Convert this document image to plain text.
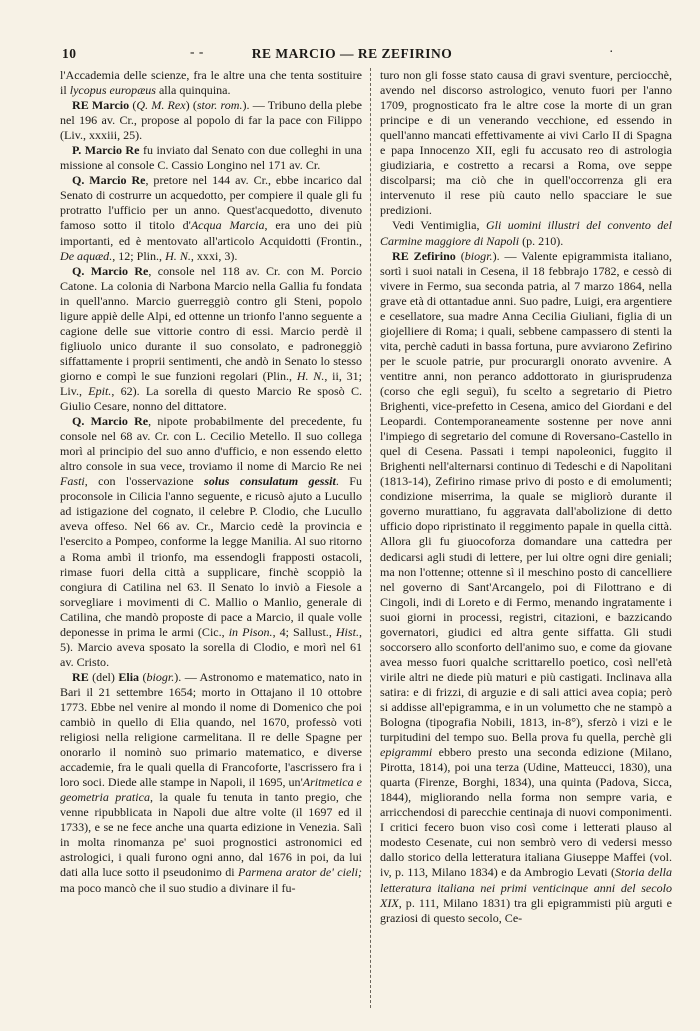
10	- -	RE MARCIO — RE ZEFIRINO	·

l'Accademia delle scienze, fra le altre una che tenta sostituire il lycopus europæus alla quinquina.

RE Marcio (Q. M. Rex) (stor. rom.). — Tribuno della plebe nel 196 av. Cr., propose al popolo di far la pace con Filippo (Liv., xxxiii, 25).

P. Marcio Re fu inviato dal Senato con due colleghi in una missione al console C. Cassio Longino nel 171 av. Cr.

Q. Marcio Re, pretore nel 144 av. Cr., ebbe incarico dal Senato di costrurre un acquedotto, per compiere il quale gli fu protratto l'ufficio per un anno. Quest'acquedotto, divenuto famoso sotto il titolo d'Acqua Marcia, era uno dei più importanti, ed è mentovato all'articolo Acquidotti (Frontin., De aquæd., 12; Plin., H. N., xxxi, 3).

Q. Marcio Re, console nel 118 av. Cr. con M. Porcio Catone. La colonia di Narbona Marcio nella Gallia fu fondata in quell'anno. Marcio guerreggiò contro gli Steni, popolo ligure appiè delle Alpi, ed ottenne un trionfo l'anno seguente a cagione delle sue vittorie contro di essi. Marcio perdè il figliuolo unico durante il suo consolato, e padroneggiò siffattamente i proprii sentimenti, che andò in Senato lo stesso giorno e compì le sue funzioni regolari (Plin., H. N., ii, 31; Liv., Epit., 62). La sorella di questo Marcio Re sposò C. Giulio Cesare, nonno del dittatore.

Q. Marcio Re, nipote probabilmente del precedente, fu console nel 68 av. Cr. con L. Cecilio Metello. Il suo collega morì al principio del suo anno d'ufficio, e non essendo eletto altro console in sua vece, troviamo il nome di Marcio Re nei Fasti, con l'osservazione solus consulatum gessit. Fu proconsole in Cilicia l'anno seguente, e ricusò ajuto a Lucullo ad istigazione del cognato, il celebre P. Clodio, che Lucullo aveva offeso. Nel 66 av. Cr., Marcio cedè la provincia e l'esercito a Pompeo, conforme la legge Manilia. Al suo ritorno a Roma ambì il trionfo, ma essendogli frapposti ostacoli, rimase fuori della città a supplicare, finchè scoppiò la congiura di Catilina nel 63. Il Senato lo inviò a Fiesole a sorvegliare i movimenti di C. Mallio o Manlio, generale di Catilina, che mandò proposte di pace a Marcio, il quale volle deponesse in prima le armi (Cic., in Pison., 4; Sallust., Hist., 5). Marcio aveva sposato la sorella di Clodio, e morì nel 61 av. Cristo.

RE (del) Elia (biogr.). — Astronomo e matematico, nato in Bari il 21 settembre 1654; morto in Ottajano il 10 ottobre 1773. Ebbe nel venire al mondo il nome di Domenico che poi cambiò in quello di Elia quando, nel 1670, professò voti religiosi nella religione carmelitana. Il re delle Spagne per onorarlo il nominò suo primario matematico, e diverse accademie, fra le quali quella di Francoforte, l'ascrissero fra i loro soci. Diede alle stampe in Napoli, il 1695, un'Aritmetica e geometria pratica, la quale fu tenuta in tanto pregio, che venne ripubblicata in Napoli due altre volte (il 1697 ed il 1733), e se ne fece anche una quarta edizione in Venezia. Salì in molta rinomanza pe' suoi prognostici astronomici ed astrologici, i quali furono ogni anno, dal 1676 in poi, da lui dati alla luce sotto il pseudonimo di Parmena arator de' cieli; ma poco mancò che il suo studio a divinare il fu-

turo non gli fosse stato causa di gravi sventure, perciocchè, avendo nel discorso astrologico, venuto fuori per l'anno 1709, prognosticato fra le altre cose la morte di un gran principe e di un venerando vecchione, ed essendo in quell'anno mancati effettivamente ai vivi Carlo II di Spagna e papa Innocenzo XII, egli fu accusato reo di astrologia giudiziaria, e costretto a recarsi a Roma, ove seppe discolparsi; ma ciò che in quell'occorrenza gli era intervenuto il rese più cauto nello spacciare le sue predizioni.

Vedi Ventimiglia, Gli uomini illustri del convento del Carmine maggiore di Napoli (p. 210).

RE Zefirino (biogr.). — Valente epigrammista italiano, sortì i suoi natali in Cesena, il 18 febbrajo 1782, e cessò di vivere in Fermo, sua seconda patria, al 7 marzo 1864, nella grave età di ottantadue anni. Suo padre, Luigi, era argentiere e cesellatore, sua madre Anna Cecilia Giuliani, figlia di un giojelliere di Roma; i quali, sebbene campassero di stenti la vita, perchè caduti in bassa fortuna, pure avviarono Zefirino per le scuole patrie, pur procurargli onorato avvenire. A ventitre anni, non peranco addottorato in giurisprudenza (corso che egli seguì), fu scelto a segretario di Pietro Brighenti, vice-prefetto in Cesena, amico del Giordani e del Leopardi. Contemporaneamente sostenne per nove anni l'impiego di segretario del comune di Roversano-Castello in quel di Cesena. Passati i tempi napoleonici, fuggito il Brighenti nell'alternarsi continuo di Tedeschi e di Napolitani (1813-14), Zefirino rimase privo di posto e di emolumenti; condizione miserrima, la quale se migliorò durante il governo murattiano, fu aggravata dall'abolizione di detto ufficio dopo ripristinato il reggimento papale in quella città. Allora gli fu giuocoforza domandare una cattedra per dedicarsi agli studi di lettere, per lui oltre ogni dire geniali; ma non l'ottenne; ottenne sì il meschino posto di cancelliere nel governo di Sant'Arcangelo, poi di Filottrano e di Cingoli, indi di Loreto e di Fermo, menando ingratamente i suoi giorni in processi, registri, citazioni, e bazzicando governatori, giudici ed altra gente siffatta. Gli studi soccorsero allo sconforto dell'animo suo, e come da giovane avea messo fuori qualche scrittarello poetico, così nell'età virile altri ne diede più maturi e più castigati. Inclinava alla satira: e di frizzi, di arguzie e di sali attici avea copia; però si addisse all'epigramma, e in un volumetto che ne stampò a Bologna (tipografia Nobili, 1813, in-8°), sferzò i vizi e le turpitudini del tempo suo. Bella prova fu quella, perchè gli epigrammi ebbero presto una seconda edizione (Milano, Pirotta, 1814), poi una terza (Udine, Matteucci, 1830), una quarta (Firenze, Borghi, 1834), una quinta (Padova, Sicca, 1844), migliorando nella forma non sempre varia, e arricchendosi di parecchie centinaja di nuovi componimenti. I critici fecero buon viso così come i letterati plauso al modesto Cesenate, cui non sembrò vero di vedersi messo dallo storico della letteratura italiana Giuseppe Maffei (vol. iv, p. 113, Milano 1834) e da Ambrogio Levati (Storia della letteratura italiana nei primi venticinque anni del secolo XIX, p. 111, Milano 1831) tra gli epigrammisti più arguti e graziosi di questo secolo, Ce-
